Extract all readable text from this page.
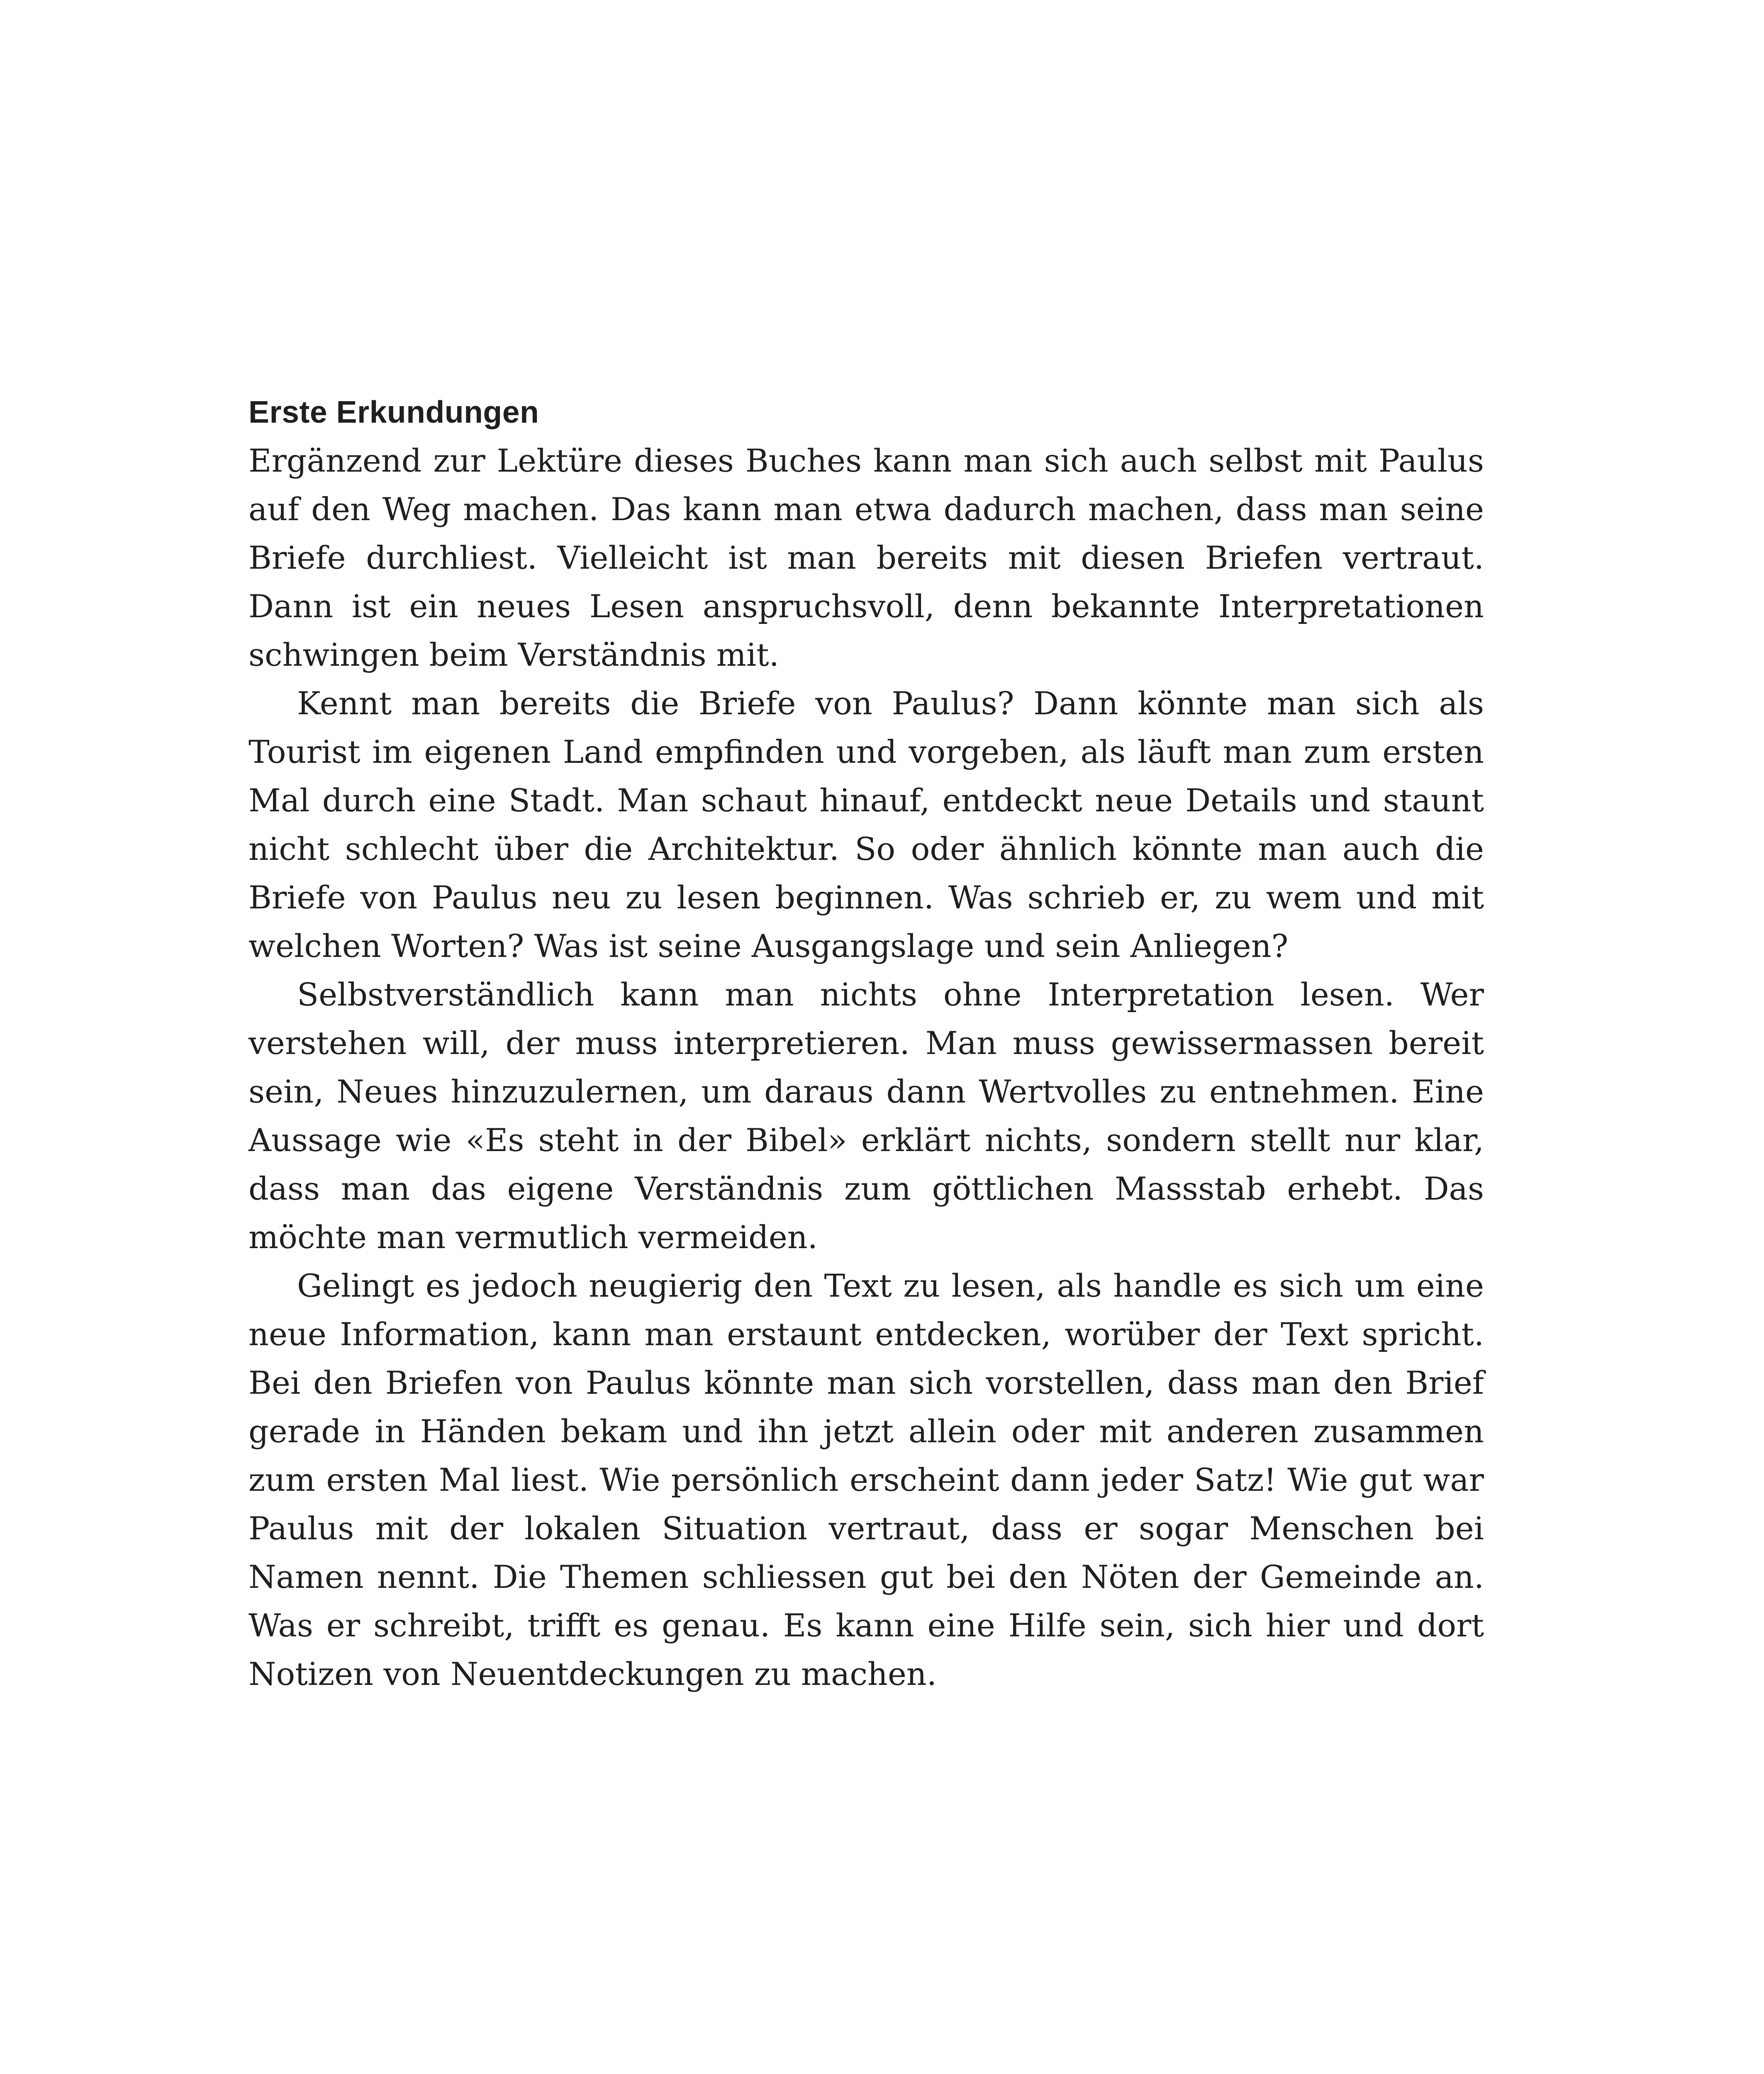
Erste Erkundungen

Ergänzend zur Lektüre dieses Buches kann man sich auch selbst mit Paulus auf den Weg machen. Das kann man etwa dadurch machen, dass man seine Briefe durchliest. Vielleicht ist man bereits mit diesen Briefen vertraut. Dann ist ein neues Lesen anspruchsvoll, denn bekannte Interpretationen schwingen beim Verständnis mit.

Kennt man bereits die Briefe von Paulus? Dann könnte man sich als Tourist im eigenen Land empfinden und vorgeben, als läuft man zum ersten Mal durch eine Stadt. Man schaut hinauf, entdeckt neue Details und staunt nicht schlecht über die Architektur. So oder ähnlich könnte man auch die Briefe von Paulus neu zu lesen beginnen. Was schrieb er, zu wem und mit welchen Worten? Was ist seine Ausgangslage und sein Anliegen?

Selbstverständlich kann man nichts ohne Interpretation lesen. Wer verstehen will, der muss interpretieren. Man muss gewissermassen bereit sein, Neues hinzuzulernen, um daraus dann Wertvolles zu entnehmen. Eine Aussage wie «Es steht in der Bibel» erklärt nichts, sondern stellt nur klar, dass man das eigene Verständnis zum göttlichen Massstab erhebt. Das möchte man vermutlich vermeiden.

Gelingt es jedoch neugierig den Text zu lesen, als handle es sich um eine neue Information, kann man erstaunt entdecken, worüber der Text spricht. Bei den Briefen von Paulus könnte man sich vorstellen, dass man den Brief gerade in Händen bekam und ihn jetzt allein oder mit anderen zusammen zum ersten Mal liest. Wie persönlich erscheint dann jeder Satz! Wie gut war Paulus mit der lokalen Situation vertraut, dass er sogar Menschen bei Namen nennt. Die Themen schliessen gut bei den Nöten der Gemeinde an. Was er schreibt, trifft es genau. Es kann eine Hilfe sein, sich hier und dort Notizen von Neuentdeckungen zu machen.
